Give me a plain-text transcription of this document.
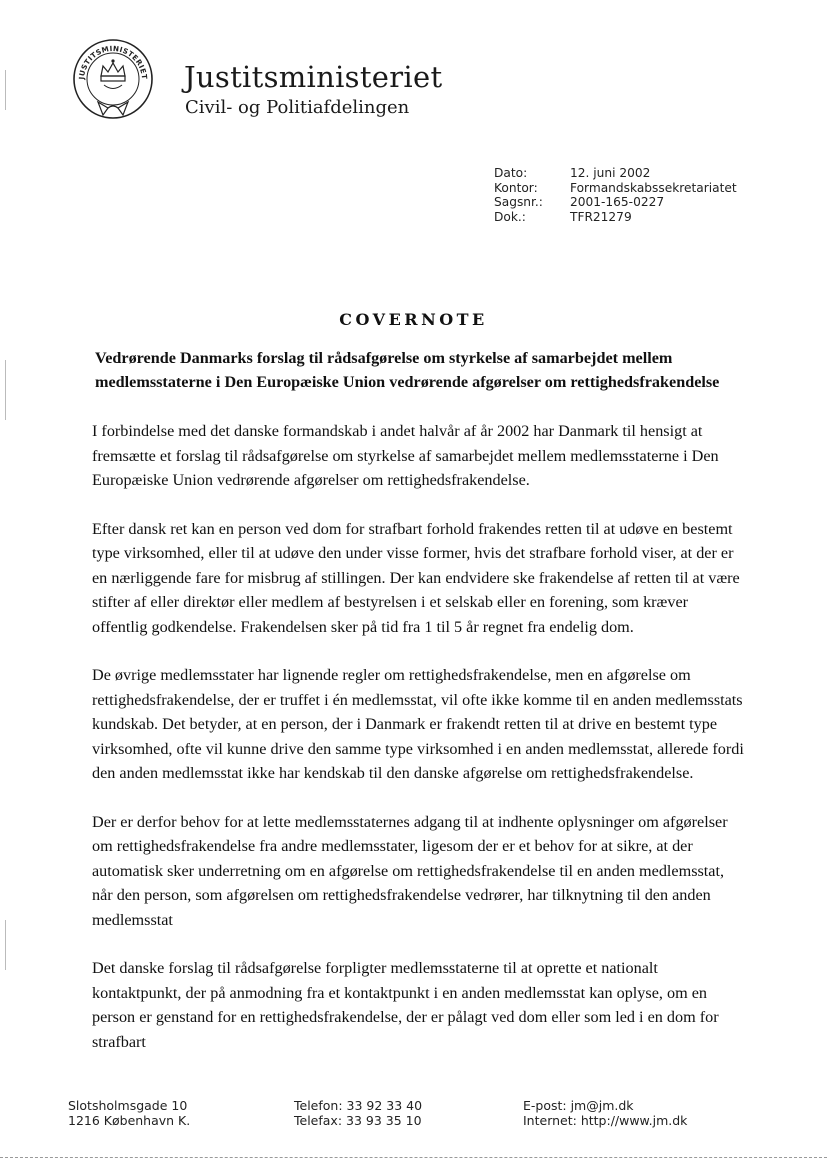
JUSTITSMINISTERIET Justitsministeriet
Civil- og Politiafdelingen
Dato:	12. juni 2002
Kontor:	Formandskabssekretariatet
Sagsnr.:	2001-165-0227
Dok.:	TFR21279
COVERNOTE
Vedrørende Danmarks forslag til rådsafgørelse om styrkelse af samarbejdet mellem medlemsstaterne i Den Europæiske Union vedrørende afgørelser om rettighedsfrakendelse

I forbindelse med det danske formandskab i andet halvår af år 2002 har Danmark til hensigt at fremsætte et forslag til rådsafgørelse om styrkelse af samarbejdet mellem medlemsstaterne i Den Europæiske Union vedrørende afgørelser om rettighedsfrakendelse.

Efter dansk ret kan en person ved dom for strafbart forhold frakendes retten til at udøve en bestemt type virksomhed, eller til at udøve den under visse former, hvis det strafbare forhold viser, at der er en nærliggende fare for misbrug af stillingen. Der kan endvidere ske frakendelse af retten til at være stifter af eller direktør eller medlem af bestyrelsen i et selskab eller en forening, som kræver offentlig godkendelse. Frakendelsen sker på tid fra 1 til 5 år regnet fra endelig dom.

De øvrige medlemsstater har lignende regler om rettighedsfrakendelse, men en afgørelse om rettighedsfrakendelse, der er truffet i én medlemsstat, vil ofte ikke komme til en anden medlemsstats kundskab. Det betyder, at en person, der i Danmark er frakendt retten til at drive en bestemt type virksomhed, ofte vil kunne drive den samme type virksomhed i en anden medlemsstat, allerede fordi den anden medlemsstat ikke har kendskab til den danske afgørelse om rettighedsfrakendelse.

Der er derfor behov for at lette medlemsstaternes adgang til at indhente oplysninger om afgørelser om rettighedsfrakendelse fra andre medlemsstater, ligesom der er et behov for at sikre, at der automatisk sker underretning om en afgørelse om rettighedsfrakendelse til en anden medlemsstat, når den person, som afgørelsen om rettighedsfrakendelse vedrører, har tilknytning til den anden medlemsstat

Det danske forslag til rådsafgørelse forpligter medlemsstaterne til at oprette et nationalt kontaktpunkt, der på anmodning fra et kontaktpunkt i en anden medlemsstat kan oplyse, om en person er genstand for en rettighedsfrakendelse, der er pålagt ved dom eller som led i en dom for strafbart

Slotsholmsgade 10
1216 København K.
Telefon: 33 92 33 40
Telefax: 33 93 35 10
E-post: jm@jm.dk
Internet: http://www.jm.dk
